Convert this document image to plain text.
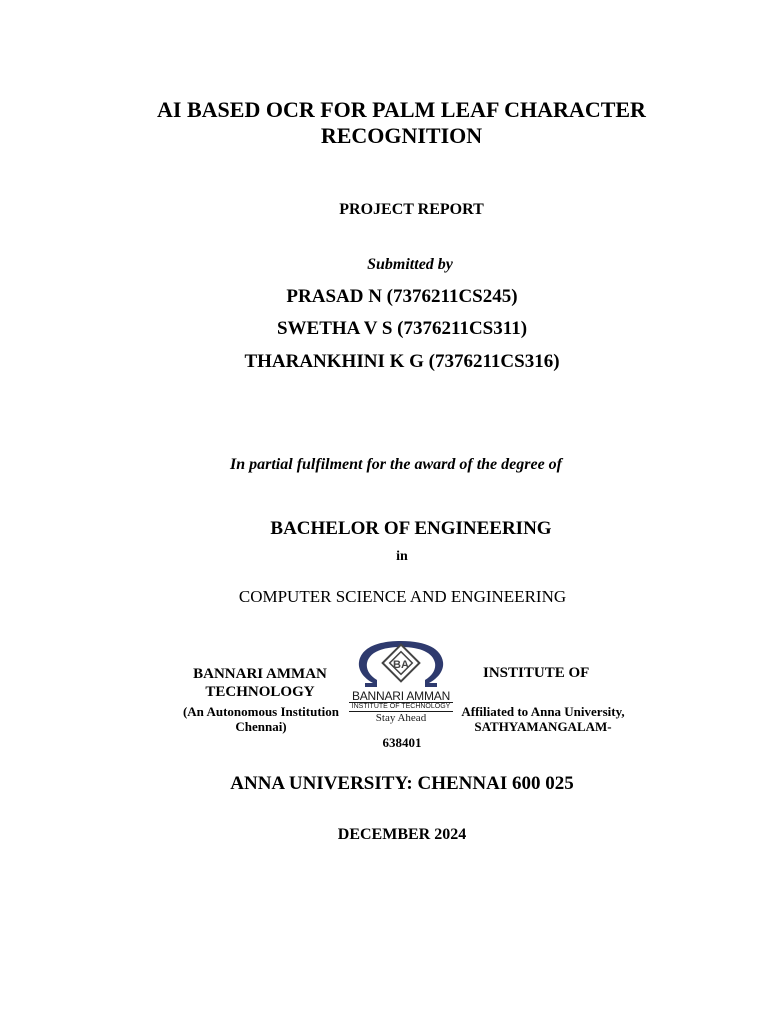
AI BASED OCR FOR PALM LEAF CHARACTER RECOGNITION
PROJECT REPORT
Submitted by
PRASAD N (7376211CS245)
SWETHA V S (7376211CS311)
THARANKHINI K G (7376211CS316)
In partial fulfilment for the award of the degree of
BACHELOR OF ENGINEERING
in
COMPUTER SCIENCE AND ENGINEERING
BANNARI AMMAN TECHNOLOGY
(An Autonomous Institution Chennai)
BA
BANNARI AMMAN
INSTITUTE OF TECHNOLOGY
Stay Ahead
INSTITUTE OF
Affiliated to Anna University, SATHYAMANGALAM-
638401
ANNA UNIVERSITY: CHENNAI 600 025
DECEMBER 2024
